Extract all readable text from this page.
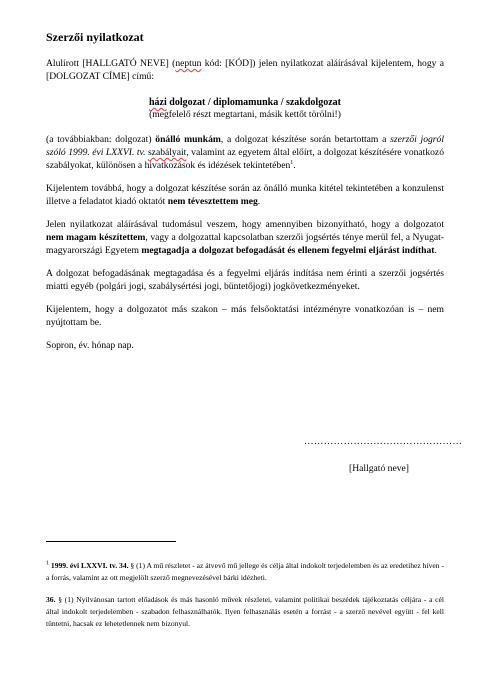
Szerzői nyilatkozat

Alulírott [HALLGATÓ NEVE] (neptun kód: [KÓD]) jelen nyilatkozat aláírásával kijelentem, hogy a [DOLGOZAT CÍME] című:

házi dolgozat / diplomamunka / szakdolgozat
(megfelelő részt megtartani, másik kettőt törölni!)

(a továbbiakban: dolgozat) önálló munkám, a dolgozat készítése során betartottam a szerzői jogról szóló 1999. évi LXXVI. tv. szabályait, valamint az egyetem által előírt, a dolgozat készítésére vonatkozó szabályokat, különösen a hivatkozások és idézések tekintetében$^1$.

Kijelentem továbbá, hogy a dolgozat készítése során az önálló munka kitétel tekintetében a konzulenst illetve a feladatot kiadó oktatót nem tévesztettem meg.

Jelen nyilatkozat aláírásával tudomásul veszem, hogy amennyiben bizonyítható, hogy a dolgozatot nem magam készítettem, vagy a dolgozattal kapcsolatban szerzői jogsértés ténye merül fel, a Nyugat-magyarországi Egyetem megtagadja a dolgozat befogadását és ellenem fegyelmi eljárást indíthat.

A dolgozat befogadásának megtagadása és a fegyelmi eljárás indítása nem érinti a szerzői jogsértés miatti egyéb (polgári jogi, szabálysértési jogi, büntetőjogi) jogkövetkezményeket.

Kijelentem, hogy a dolgozatot más szakon – más felsőoktatási intézményre vonatkozóan is – nem nyújtottam be.

Sopron, év. hónap nap.

…………………………………………
[Hallgató neve]

$^1$ 1999. évi LXXVI. tv. 34. § (1) A mű részletet - az átvevő mű jellege és célja által indokolt terjedelemben és az eredetihez híven - a forrás, valamint az ott megjelölt szerző megnevezésével bárki idézheti.

36. § (1) Nyilvánosan tartott előadások és más hasonló művek részletei, valamint politikai beszédek tájékoztatás céljára - a cél által indokolt terjedelemben - szabadon felhasználhatók. Ilyen felhasználás esetén a forrást - a szerző nevével együtt - fel kell tüntetni, hacsak ez lehetetlennek nem bizonyul.
